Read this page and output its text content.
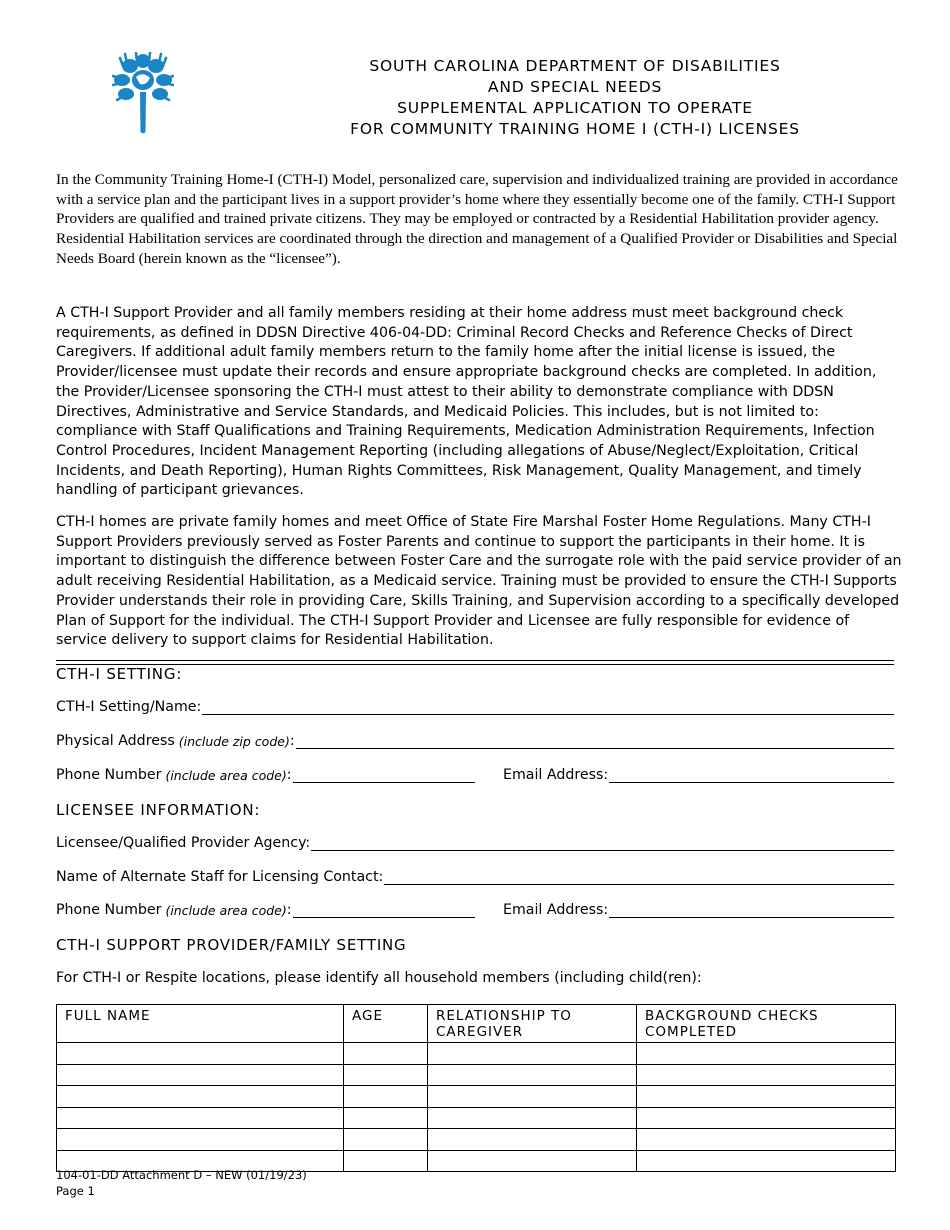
SOUTH CAROLINA DEPARTMENT OF DISABILITIES
AND SPECIAL NEEDS
SUPPLEMENTAL APPLICATION TO OPERATE
FOR COMMUNITY TRAINING HOME I (CTH-I) LICENSES

In the Community Training Home-I (CTH-I) Model, personalized care, supervision and individualized training are provided in accordance with a service plan and the participant lives in a support provider’s home where they essentially become one of the family. CTH-I Support Providers are qualified and trained private citizens. They may be employed or contracted by a Residential Habilitation provider agency. Residential Habilitation services are coordinated through the direction and management of a Qualified Provider or Disabilities and Special Needs Board (herein known as the “licensee”).

A CTH-I Support Provider and all family members residing at their home address must meet background check requirements, as defined in DDSN Directive 406-04-DD: Criminal Record Checks and Reference Checks of Direct Caregivers. If additional adult family members return to the family home after the initial license is issued, the Provider/licensee must update their records and ensure appropriate background checks are completed. In addition, the Provider/Licensee sponsoring the CTH-I must attest to their ability to demonstrate compliance with DDSN Directives, Administrative and Service Standards, and Medicaid Policies. This includes, but is not limited to: compliance with Staff Qualifications and Training Requirements, Medication Administration Requirements, Infection Control Procedures, Incident Management Reporting (including allegations of Abuse/Neglect/Exploitation, Critical Incidents, and Death Reporting), Human Rights Committees, Risk Management, Quality Management, and timely handling of participant grievances.

CTH-I homes are private family homes and meet Office of State Fire Marshal Foster Home Regulations. Many CTH-I Support Providers previously served as Foster Parents and continue to support the participants in their home. It is important to distinguish the difference between Foster Care and the surrogate role with the paid service provider of an adult receiving Residential Habilitation, as a Medicaid service. Training must be provided to ensure the CTH-I Supports Provider understands their role in providing Care, Skills Training, and Supervision according to a specifically developed Plan of Support for the individual. The CTH-I Support Provider and Licensee are fully responsible for evidence of service delivery to support claims for Residential Habilitation.

CTH-I SETTING:
CTH-I Setting/Name:
Physical Address (include zip code) :
Phone Number (include area code) :	Email Address:
LICENSEE INFORMATION:
Licensee/Qualified Provider Agency:
Name of Alternate Staff for Licensing Contact:
Phone Number (include area code) :	Email Address:
CTH-I SUPPORT PROVIDER/FAMILY SETTING
For CTH-I or Respite locations, please identify all household members (including child(ren):
FULL NAME	AGE	RELATIONSHIP TO CAREGIVER	BACKGROUND CHECKS COMPLETED

104-01-DD Attachment D – NEW (01/19/23)
Page 1
